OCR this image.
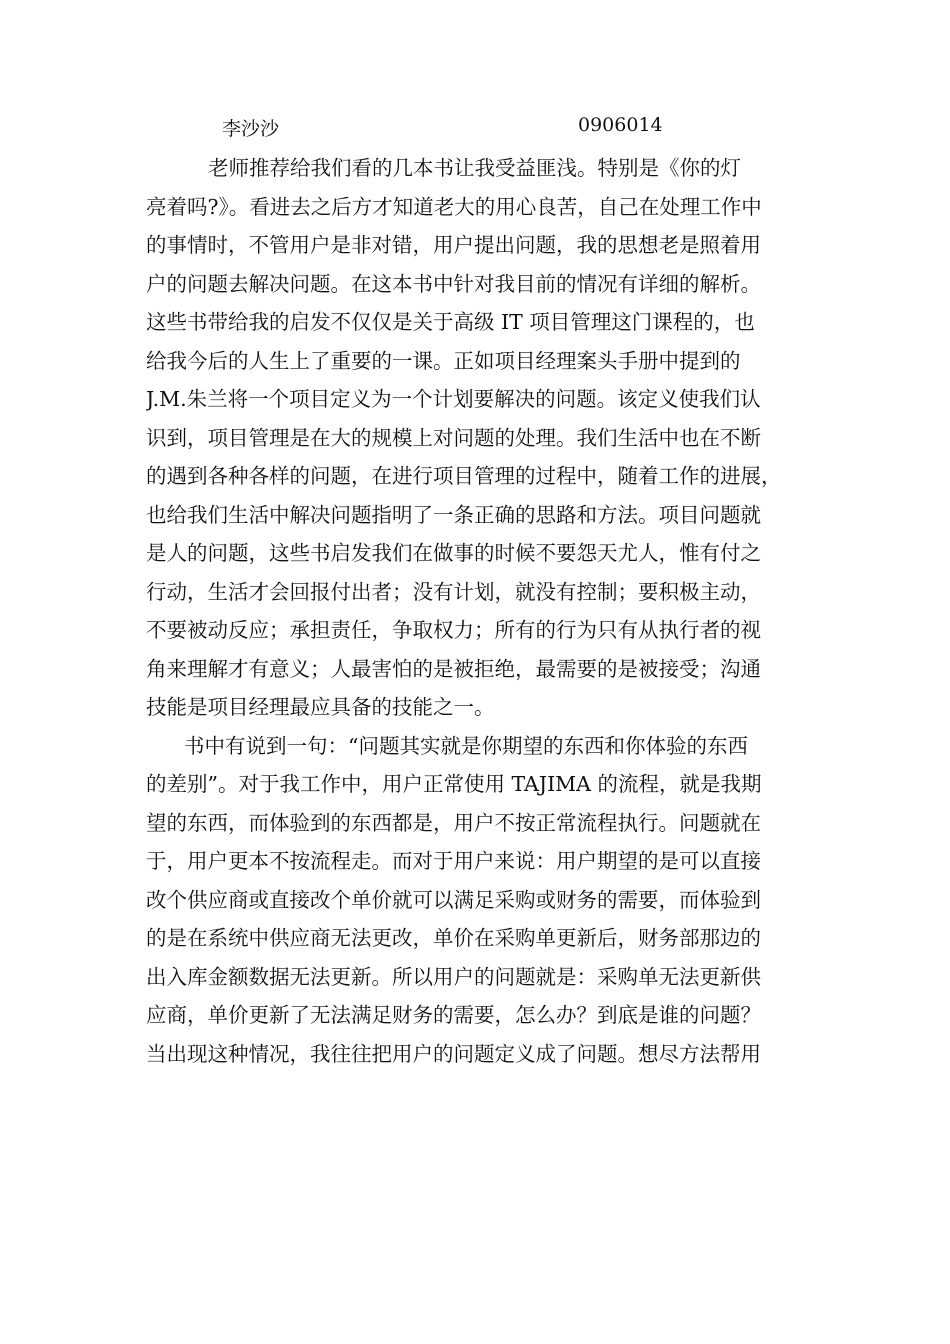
李沙沙	0906014
老师推荐给我们看的几本书让我受益匪浅。特别是《你的灯
亮着吗?》。看进去之后方才知道老大的用心良苦，自己在处理工作中
的事情时，不管用户是非对错，用户提出问题，我的思想老是照着用
户的问题去解决问题。在这本书中针对我目前的情况有详细的解析。
这些书带给我的启发不仅仅是关于高级 IT 项目管理这门课程的，也
给我今后的人生上了重要的一课。正如项目经理案头手册中提到的
J.M.朱兰将一个项目定义为一个计划要解决的问题。该定义使我们认
识到，项目管理是在大的规模上对问题的处理。我们生活中也在不断
的遇到各种各样的问题，在进行项目管理的过程中，随着工作的进展，
也给我们生活中解决问题指明了一条正确的思路和方法。项目问题就
是人的问题，这些书启发我们在做事的时候不要怨天尤人，惟有付之
行动，生活才会回报付出者；没有计划，就没有控制；要积极主动，
不要被动反应；承担责任，争取权力；所有的行为只有从执行者的视
角来理解才有意义；人最害怕的是被拒绝，最需要的是被接受；沟通
技能是项目经理最应具备的技能之一。
书中有说到一句：“问题其实就是你期望的东西和你体验的东西
的差别”。对于我工作中，用户正常使用 TAJIMA 的流程，就是我期
望的东西，而体验到的东西都是，用户不按正常流程执行。问题就在
于，用户更本不按流程走。而对于用户来说：用户期望的是可以直接
改个供应商或直接改个单价就可以满足采购或财务的需要，而体验到
的是在系统中供应商无法更改，单价在采购单更新后，财务部那边的
出入库金额数据无法更新。所以用户的问题就是：采购单无法更新供
应商，单价更新了无法满足财务的需要，怎么办？到底是谁的问题？
当出现这种情况，我往往把用户的问题定义成了问题。想尽方法帮用
